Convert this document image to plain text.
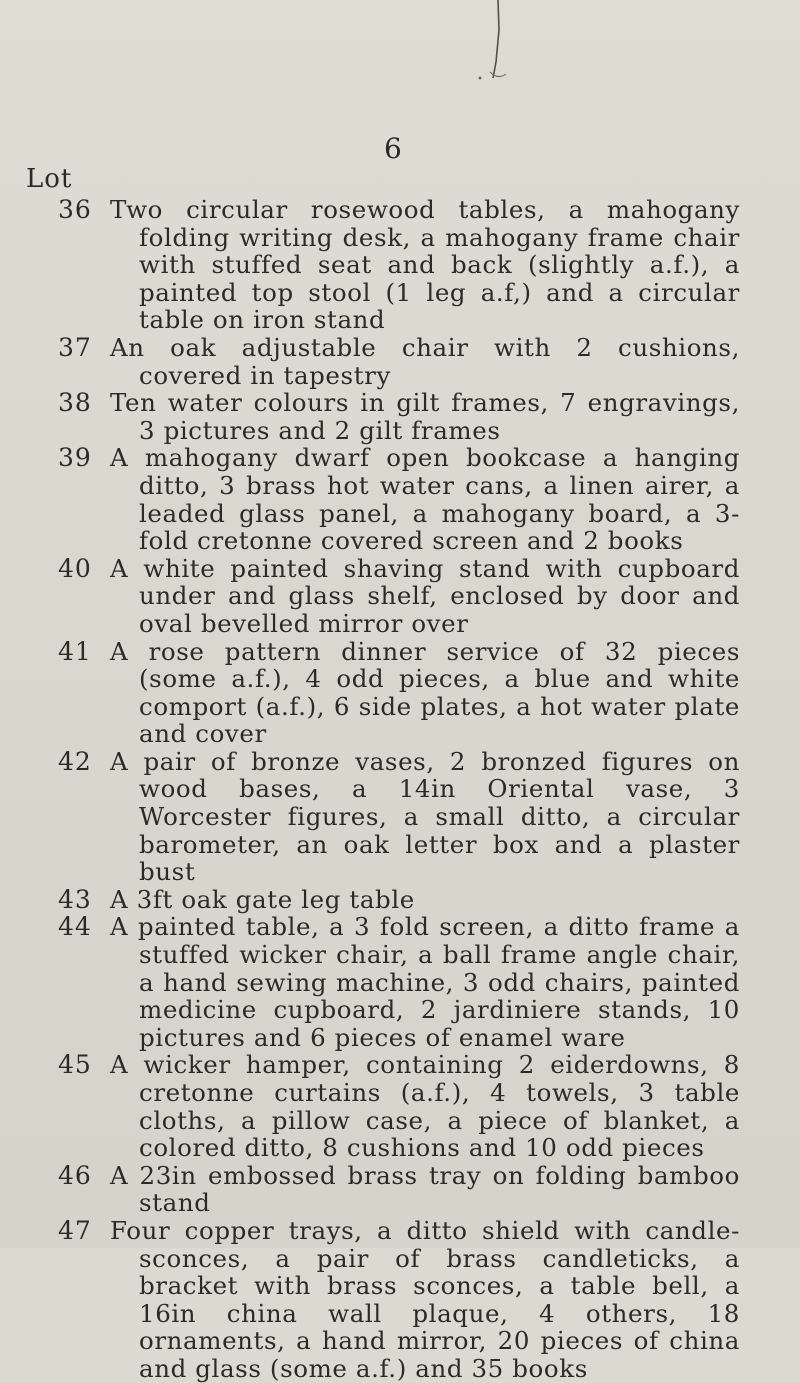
6
Lot
36 Two circular rosewood tables, a mahogany folding writing desk, a mahogany frame chair with stuffed seat and back (slightly a.f.), a painted top stool (1 leg a.f,) and a circular table on iron stand
37 An oak adjustable chair with 2 cushions, covered in tapestry
38 Ten water colours in gilt frames, 7 engravings, 3 pictures and 2 gilt frames
39 A mahogany dwarf open bookcase a hanging ditto, 3 brass hot water cans, a linen airer, a leaded glass panel, a mahogany board, a 3-fold cretonne covered screen and 2 books
40 A white painted shaving stand with cupboard under and glass shelf, enclosed by door and oval bevelled mirror over
41 A rose pattern dinner service of 32 pieces (some a.f.), 4 odd pieces, a blue and white comport (a.f.), 6 side plates, a hot water plate and cover
42 A pair of bronze vases, 2 bronzed figures on wood bases, a 14in Oriental vase, 3 Worcester figures, a small ditto, a circular barometer, an oak letter box and a plaster bust
43 A 3ft oak gate leg table
44 A painted table, a 3 fold screen, a ditto frame a stuffed wicker chair, a ball frame angle chair, a hand sewing machine, 3 odd chairs, painted medicine cupboard, 2 jardiniere stands, 10 pictures and 6 pieces of enamel ware
45 A wicker hamper, containing 2 eiderdowns, 8 cretonne curtains (a.f.), 4 towels, 3 table cloths, a pillow case, a piece of blanket, a colored ditto, 8 cushions and 10 odd pieces
46 A 23in embossed brass tray on folding bamboo stand
47 Four copper trays, a ditto shield with candle-sconces, a pair of brass candleticks, a bracket with brass sconces, a table bell, a 16in china wall plaque, 4 others, 18 ornaments, a hand mirror, 20 pieces of china and glass (some a.f.) and 35 books
